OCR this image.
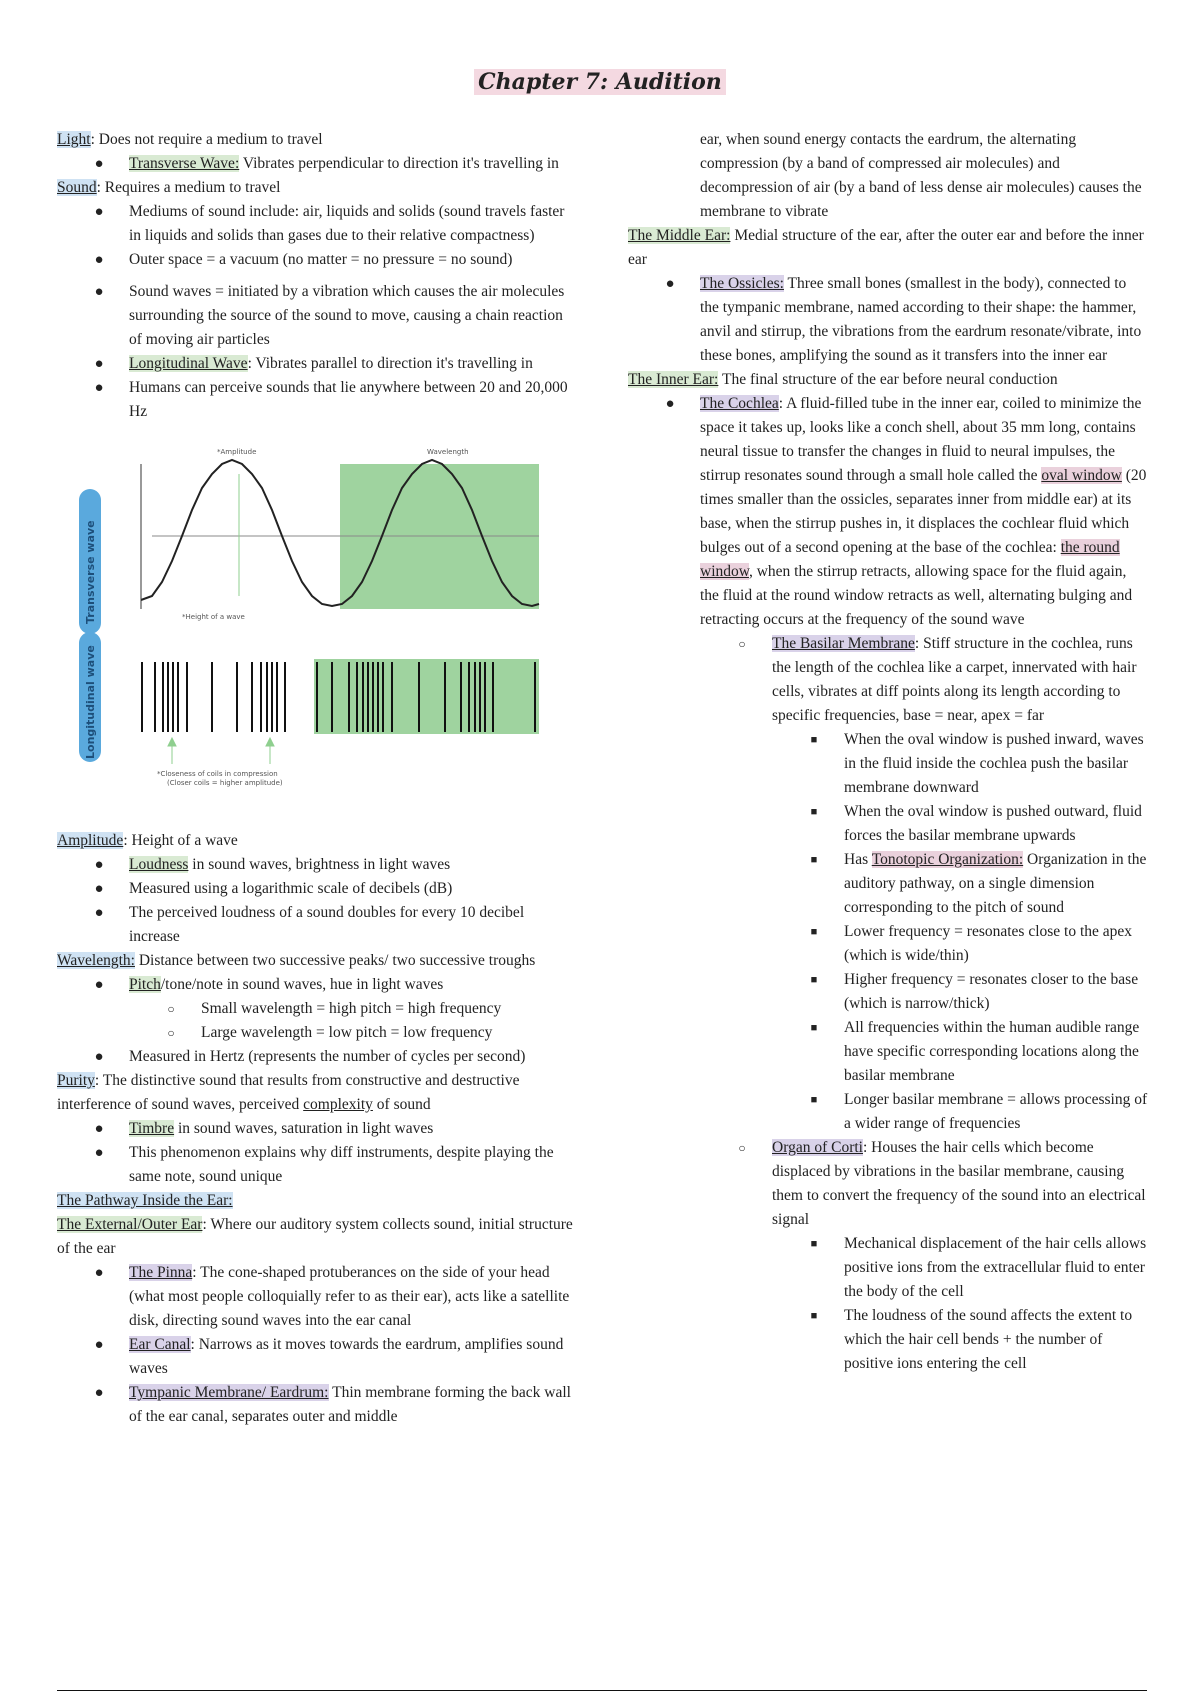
Chapter 7: Audition

Light: Does not require a medium to travel

● Transverse Wave: Vibrates perpendicular to direction it's travelling in

Sound: Requires a medium to travel

● Mediums of sound include: air, liquids and solids (sound travels faster in liquids and solids than gases due to their relative compactness)
● Outer space = a vacuum (no matter = no pressure = no sound)
● Sound waves = initiated by a vibration which causes the air molecules surrounding the source of the sound to move, causing a chain reaction of moving air particles
● Longitudinal Wave: Vibrates parallel to direction it's travelling in
● Humans can perceive sounds that lie anywhere between 20 and 20,000 Hz
*Amplitude	Wavelength
Transverse wave	*Height of a wave
Longitudinal wave
*Closeness of coils in compression
(Closer coils = higher amplitude)

Amplitude: Height of a wave

● Loudness in sound waves, brightness in light waves
● Measured using a logarithmic scale of decibels (dB)
● The perceived loudness of a sound doubles for every 10 decibel increase

Wavelength: Distance between two successive peaks/ two successive troughs

● Pitch/tone/note in sound waves, hue in light waves
○ Small wavelength = high pitch = high frequency
○ Large wavelength = low pitch = low frequency
● Measured in Hertz (represents the number of cycles per second)

Purity: The distinctive sound that results from constructive and destructive interference of sound waves, perceived complexity of sound

● Timbre in sound waves, saturation in light waves
● This phenomenon explains why diff instruments, despite playing the same note, sound unique

The Pathway Inside the Ear:

The External/Outer Ear: Where our auditory system collects sound, initial structure of the ear

● The Pinna: The cone-shaped protuberances on the side of your head (what most people colloquially refer to as their ear), acts like a satellite disk, directing sound waves into the ear canal
● Ear Canal: Narrows as it moves towards the eardrum, amplifies sound waves
● Tympanic Membrane/ Eardrum: Thin membrane forming the back wall of the ear canal, separates outer and middle

ear, when sound energy contacts the eardrum, the alternating compression (by a band of compressed air molecules) and decompression of air (by a band of less dense air molecules) causes the membrane to vibrate

The Middle Ear: Medial structure of the ear, after the outer ear and before the inner ear

● The Ossicles: Three small bones (smallest in the body), connected to the tympanic membrane, named according to their shape: the hammer, anvil and stirrup, the vibrations from the eardrum resonate/vibrate, into these bones, amplifying the sound as it transfers into the inner ear

The Inner Ear: The final structure of the ear before neural conduction

● The Cochlea: A fluid-filled tube in the inner ear, coiled to minimize the space it takes up, looks like a conch shell, about 35 mm long, contains neural tissue to transfer the changes in fluid to neural impulses, the stirrup resonates sound through a small hole called the oval window (20 times smaller than the ossicles, separates inner from middle ear) at its base, when the stirrup pushes in, it displaces the cochlear fluid which bulges out of a second opening at the base of the cochlea: the round window, when the stirrup retracts, allowing space for the fluid again, the fluid at the round window retracts as well, alternating bulging and retracting occurs at the frequency of the sound wave
○ The Basilar Membrane: Stiff structure in the cochlea, runs the length of the cochlea like a carpet, innervated with hair cells, vibrates at diff points along its length according to specific frequencies, base = near, apex = far
■ When the oval window is pushed inward, waves in the fluid inside the cochlea push the basilar membrane downward
■ When the oval window is pushed outward, fluid forces the basilar membrane upwards
■ Has Tonotopic Organization: Organization in the auditory pathway, on a single dimension corresponding to the pitch of sound
■ Lower frequency = resonates close to the apex (which is wide/thin)
■ Higher frequency = resonates closer to the base (which is narrow/thick)
■ All frequencies within the human audible range have specific corresponding locations along the basilar membrane
■ Longer basilar membrane = allows processing of a wider range of frequencies
○ Organ of Corti: Houses the hair cells which become displaced by vibrations in the basilar membrane, causing them to convert the frequency of the sound into an electrical signal
■ Mechanical displacement of the hair cells allows positive ions from the extracellular fluid to enter the body of the cell
■ The loudness of the sound affects the extent to which the hair cell bends + the number of positive ions entering the cell
